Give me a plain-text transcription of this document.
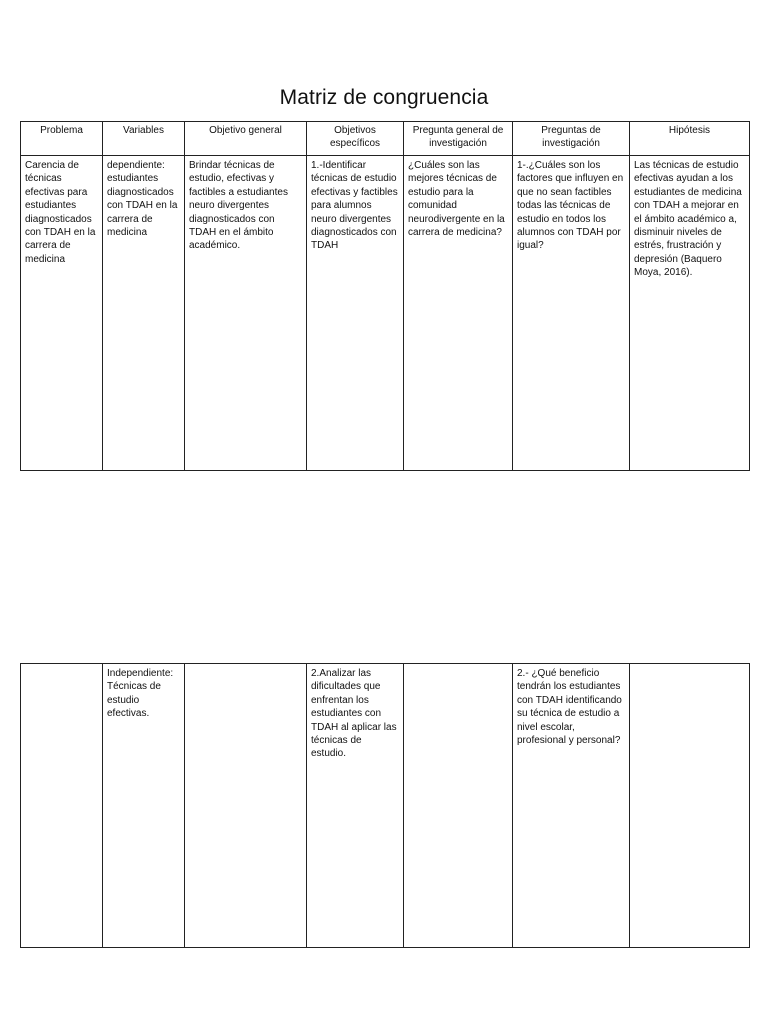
Matriz de congruencia
Problema	Variables	Objetivo general	Objetivos específicos	Pregunta general de investigación	Preguntas de investigación	Hipótesis
Carencia de técnicas efectivas para estudiantes diagnosticados con TDAH en la carrera de medicina	dependiente: estudiantes diagnosticados con TDAH en la carrera de medicina	Brindar técnicas de estudio, efectivas y factibles a estudiantes neuro divergentes diagnosticados con TDAH en el ámbito académico.	1.-Identificar técnicas de estudio efectivas y factibles para alumnos neuro divergentes diagnosticados con TDAH	¿Cuáles son las mejores técnicas de estudio para la comunidad neurodivergente en la carrera de medicina?	1-.¿Cuáles son los factores que influyen en que no sean factibles todas las técnicas de estudio en todos los alumnos con TDAH por igual?	Las técnicas de estudio efectivas ayudan a los estudiantes de medicina con TDAH a mejorar en el ámbito académico a, disminuir niveles de estrés, frustración y depresión (Baquero Moya, 2016).
	Independiente: Técnicas de estudio efectivas.		2.Analizar las dificultades que enfrentan los estudiantes con TDAH al aplicar las técnicas de estudio.		2.- ¿Qué beneficio tendrán los estudiantes con TDAH identificando su técnica de estudio a nivel escolar, profesional y personal?	
